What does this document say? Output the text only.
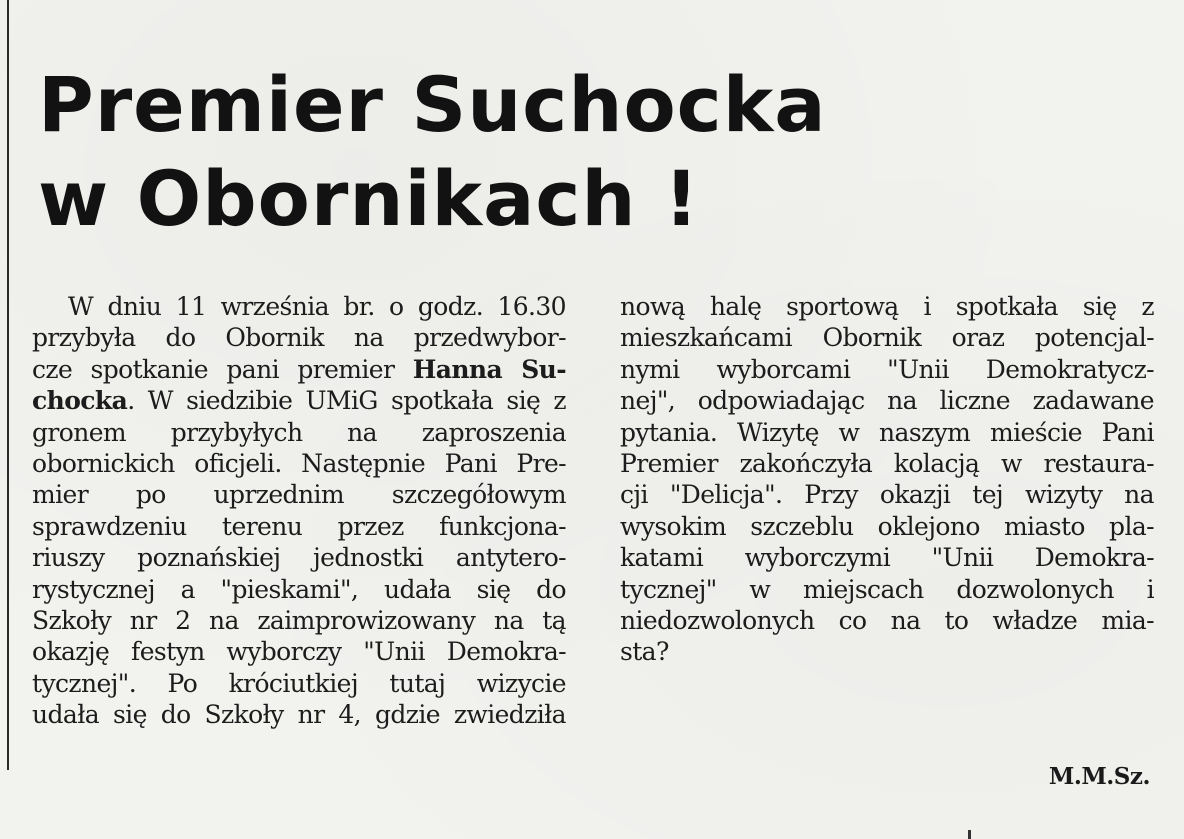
Premier Suchocka
w Obornikach !
W dniu 11 września br. o godz. 16.30
przybyła do Obornik na przedwybor-
cze spotkanie pani premier Hanna Su-
chocka. W siedzibie UMiG spotkała się z
gronem przybyłych na zaproszenia
obornickich oficjeli. Następnie Pani Pre-
mier po uprzednim szczegółowym
sprawdzeniu terenu przez funkcjona-
riuszy poznańskiej jednostki antytero-
rystycznej a "pieskami", udała się do
Szkoły nr 2 na zaimprowizowany na tą
okazję festyn wyborczy "Unii Demokra-
tycznej". Po króciutkiej tutaj wizycie
udała się do Szkoły nr 4, gdzie zwiedziła
nową halę sportową i spotkała się z
mieszkańcami Obornik oraz potencjal-
nymi wyborcami "Unii Demokratycz-
nej", odpowiadając na liczne zadawane
pytania. Wizytę w naszym mieście Pani
Premier zakończyła kolacją w restaura-
cji "Delicja". Przy okazji tej wizyty na
wysokim szczeblu oklejono miasto pla-
katami wyborczymi "Unii Demokra-
tycznej" w miejscach dozwolonych i
niedozwolonych co na to władze mia-
sta?
M.M.Sz.
